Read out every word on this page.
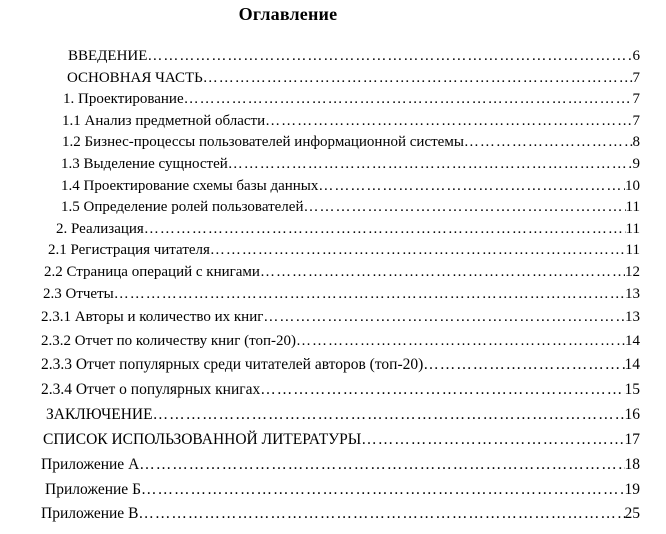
Оглавление
ВВЕДЕНИЕ ……………………………………………………………………………………………………………………	6
ОСНОВНАЯ ЧАСТЬ ……………………………………………………………………………………………………………………	7
1. Проектирование ……………………………………………………………………………………………………………………	7
1.1 Анализ предметной области ……………………………………………………………………………………………………………………	7
1.2 Бизнес-процессы пользователей информационной системы ……………………………………………………………………………………………………………………	8
1.3 Выделение сущностей ……………………………………………………………………………………………………………………	9
1.4 Проектирование схемы базы данных ……………………………………………………………………………………………………………………	10
1.5 Определение ролей пользователей ……………………………………………………………………………………………………………………	11
2. Реализация ……………………………………………………………………………………………………………………	11
2.1 Регистрация читателя ……………………………………………………………………………………………………………………	11
2.2 Страница операций с книгами ……………………………………………………………………………………………………………………	12
2.3 Отчеты ……………………………………………………………………………………………………………………	13
2.3.1 Авторы и количество их книг ……………………………………………………………………………………………………………………	13
2.3.2 Отчет по количеству книг (топ-20) ……………………………………………………………………………………………………………………	14
2.3.3 Отчет популярных среди читателей авторов (топ-20) ……………………………………………………………………………………………………………………	14
2.3.4 Отчет о популярных книгах ……………………………………………………………………………………………………………………	15
ЗАКЛЮЧЕНИЕ ……………………………………………………………………………………………………………………	16
СПИСОК ИСПОЛЬЗОВАННОЙ ЛИТЕРАТУРЫ ……………………………………………………………………………………………………………………	17
Приложение А ……………………………………………………………………………………………………………………	18
Приложение Б ……………………………………………………………………………………………………………………	19
Приложение В ……………………………………………………………………………………………………………………	25
